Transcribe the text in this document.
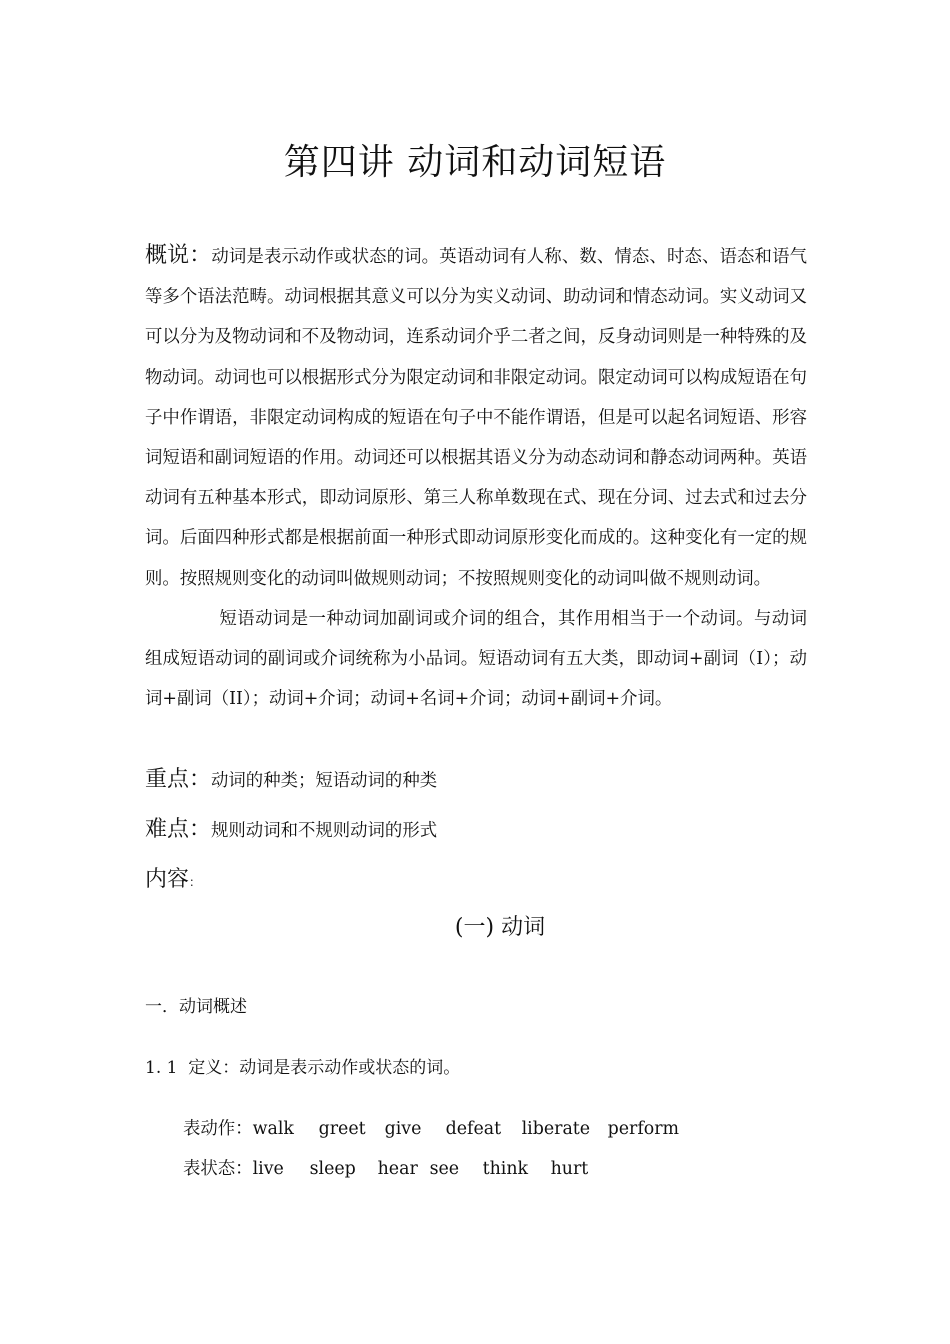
第四讲 动词和动词短语

概说：动词是表示动作或状态的词。英语动词有人称、数、情态、时态、语态和语气等多个语法范畴。动词根据其意义可以分为实义动词、助动词和情态动词。实义动词又可以分为及物动词和不及物动词，连系动词介乎二者之间，反身动词则是一种特殊的及物动词。动词也可以根据形式分为限定动词和非限定动词。限定动词可以构成短语在句子中作谓语，非限定动词构成的短语在句子中不能作谓语，但是可以起名词短语、形容词短语和副词短语的作用。动词还可以根据其语义分为动态动词和静态动词两种。英语动词有五种基本形式，即动词原形、第三人称单数现在式、现在分词、过去式和过去分词。后面四种形式都是根据前面一种形式即动词原形变化而成的。这种变化有一定的规则。按照规则变化的动词叫做规则动词；不按照规则变化的动词叫做不规则动词。
短语动词是一种动词加副词或介词的组合，其作用相当于一个动词。与动词组成短语动词的副词或介词统称为小品词。短语动词有五大类，即动词+副词（I）；动词+副词（II）；动词+介词；动词+名词+介词；动词+副词+介词。

重点：动词的种类；短语动词的种类

难点：规则动词和不规则动词的形式

内容：

(一) 动词

一．动词概述

1. 1 定义：动词是表示动作或状态的词。

表动作：walk greet give defeat liberate perform

表状态：live sleep hear see think hurt
